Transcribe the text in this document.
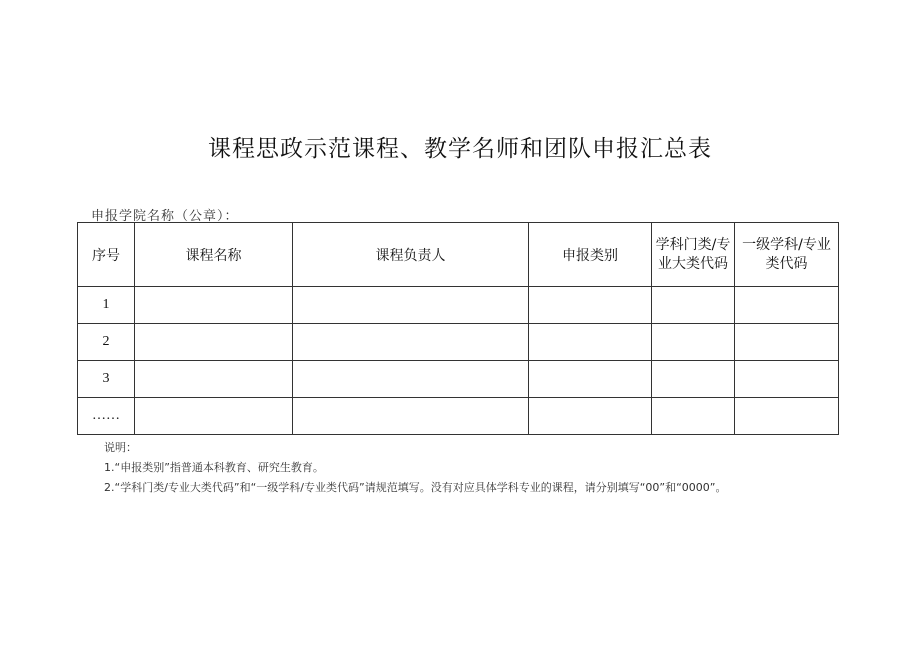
课程思政示范课程、教学名师和团队申报汇总表
申报学院名称（公章）：
序号	课程名称	课程负责人	申报类别	学科门类/专业大类代码	一级学科/专业类代码

1					
2					
3					
……					
说明：
1.“申报类别”指普通本科教育、研究生教育。
2.“学科门类/专业大类代码”和“一级学科/专业类代码”请规范填写。没有对应具体学科专业的课程，请分别填写“00”和“0000”。
